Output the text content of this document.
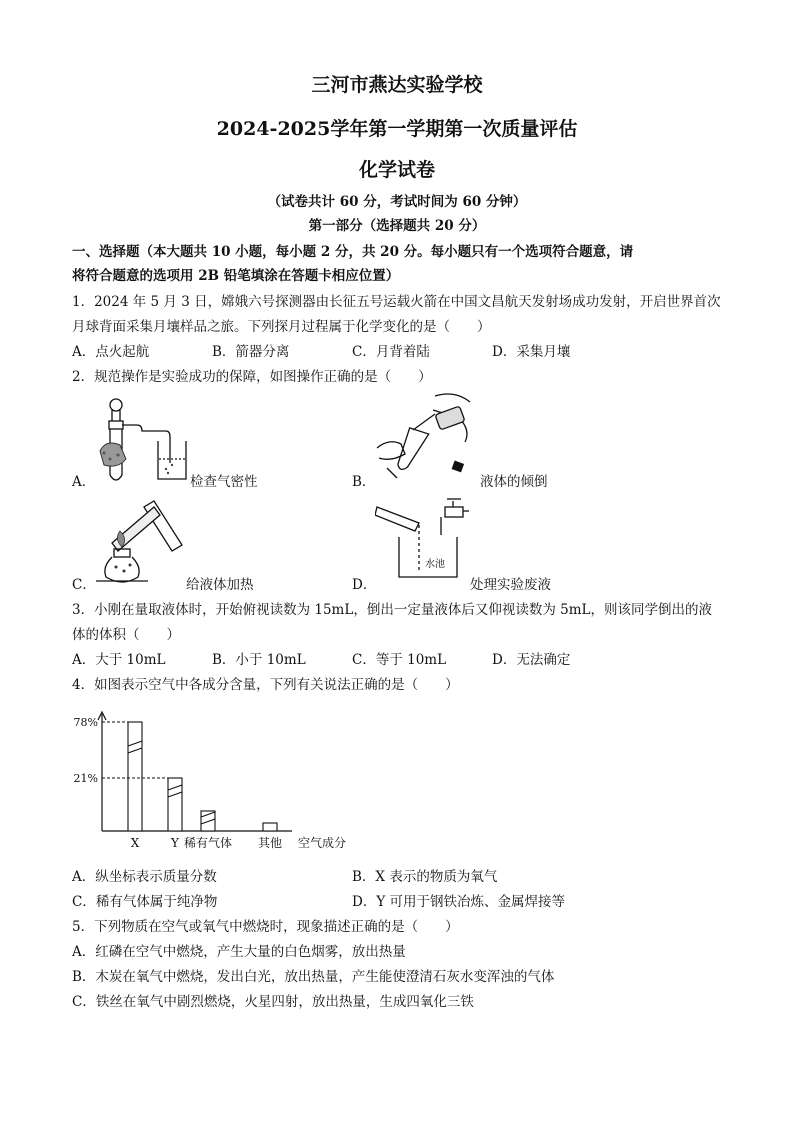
三河市燕达实验学校
2024-2025学年第一学期第一次质量评估
化学试卷
（试卷共计 60 分，考试时间为 60 分钟）
第一部分（选择题共 20 分）
一、选择题（本大题共 10 小题，每小题 2 分，共 20 分。每小题只有一个选项符合题意，请
将符合题意的选项用 2B 铅笔填涂在答题卡相应位置）
1．2024 年 5 月 3 日，嫦娥六号探测器由长征五号运载火箭在中国文昌航天发射场成功发射，开启世界首次
月球背面采集月壤样品之旅。下列探月过程属于化学变化的是（　　）
A．点火起航	B．箭器分离	C．月背着陆	D．采集月壤
2．规范操作是实验成功的保障，如图操作正确的是（　　）
A．	检查气密性	B．	液体的倾倒
C．	给液体加热
水池
D．	处理实验废液
3．小刚在量取液体时，开始俯视读数为 15mL，倒出一定量液体后又仰视读数为 5mL，则该同学倒出的液
体的体积（　　）
A．大于 10mL	B．小于 10mL	C．等于 10mL	D．无法确定
4．如图表示空气中各成分含量，下列有关说法正确的是（　　）
78%
21%
X	Y 稀有气体 其他 空气成分
A．纵坐标表示质量分数	B．X 表示的物质为氧气
C．稀有气体属于纯净物	D．Y 可用于钢铁冶炼、金属焊接等
5．下列物质在空气或氧气中燃烧时，现象描述正确的是（　　）
A．红磷在空气中燃烧，产生大量的白色烟雾，放出热量
B．木炭在氧气中燃烧，发出白光，放出热量，产生能使澄清石灰水变浑浊的气体
C．铁丝在氧气中剧烈燃烧，火星四射，放出热量，生成四氧化三铁
